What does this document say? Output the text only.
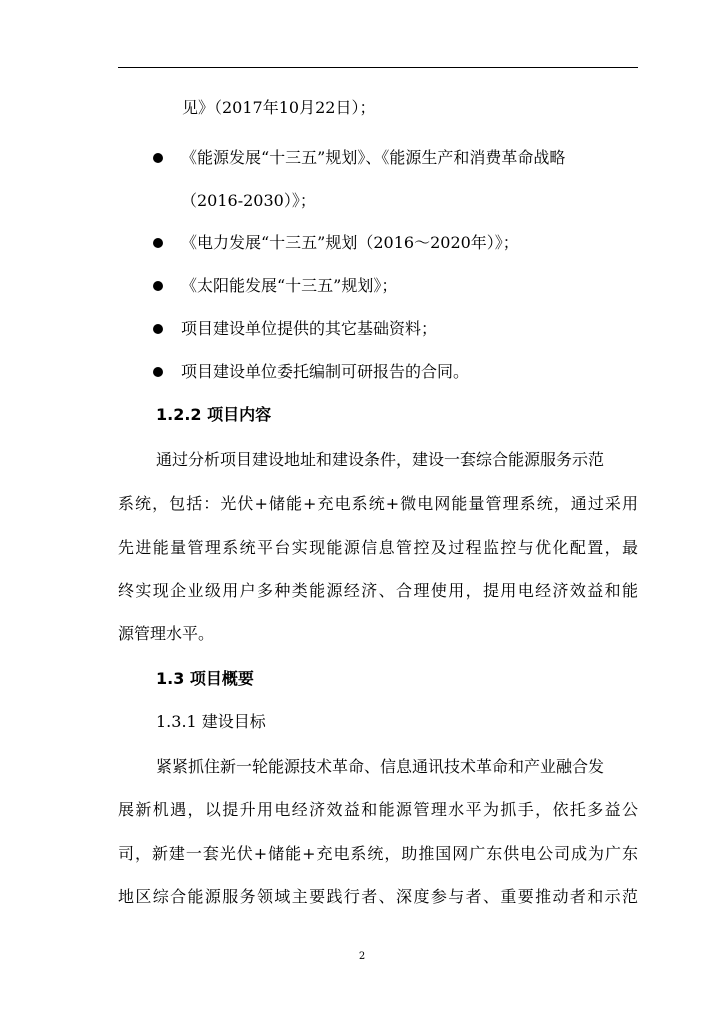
见》（2017年10月22日）；
《能源发展“十三五”规划》、《能源生产和消费革命战略
（2016-2030）》；
《电力发展“十三五”规划（2016～2020年）》；
《太阳能发展“十三五”规划》；
项目建设单位提供的其它基础资料；
项目建设单位委托编制可研报告的合同。
1.2.2 项目内容
通过分析项目建设地址和建设条件，建设一套综合能源服务示范
系统，包括：光伏+储能+充电系统+微电网能量管理系统，通过采用
先进能量管理系统平台实现能源信息管控及过程监控与优化配置，最
终实现企业级用户多种类能源经济、合理使用，提用电经济效益和能
源管理水平。
1.3 项目概要
1.3.1 建设目标
紧紧抓住新一轮能源技术革命、信息通讯技术革命和产业融合发
展新机遇，以提升用电经济效益和能源管理水平为抓手，依托多益公
司，新建一套光伏+储能+充电系统，助推国网广东供电公司成为广东
地区综合能源服务领域主要践行者、深度参与者、重要推动者和示范
2
